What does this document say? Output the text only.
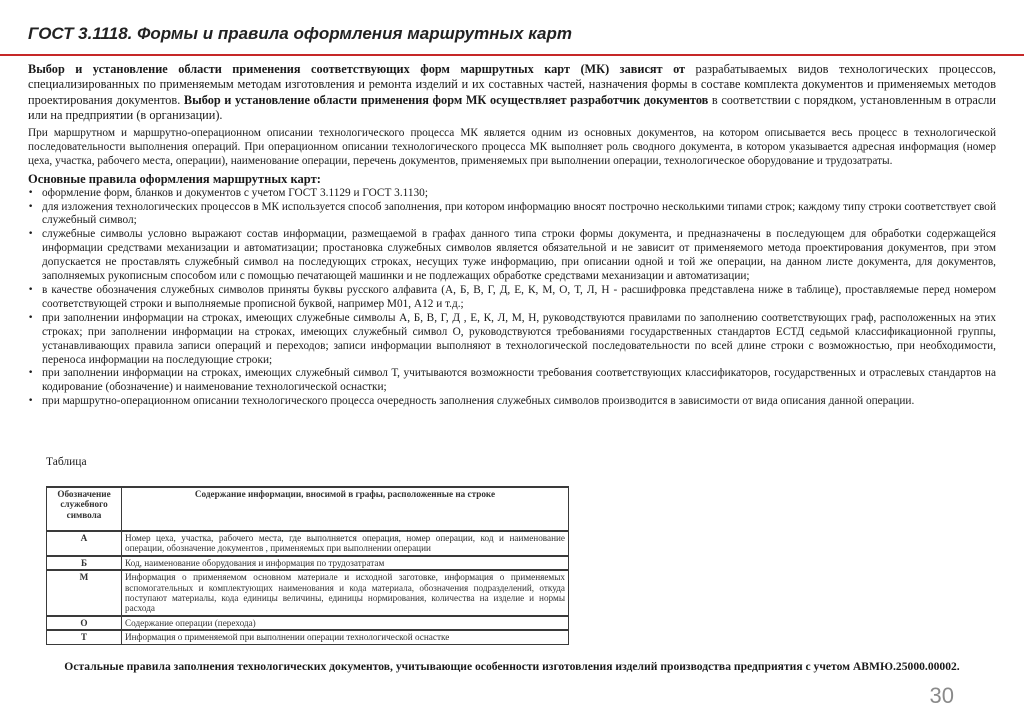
ГОСТ 3.1118. Формы и правила оформления маршрутных карт

Выбор и установление области применения соответствующих форм маршрутных карт (МК) зависят от разрабатываемых видов технологических процессов, специализированных по применяемым методам изготовления и ремонта изделий и их составных частей, назначения формы в составе комплекта документов и применяемых методов проектирования документов. Выбор и установление области применения форм МК осуществляет разработчик документов в соответствии с порядком, установленным в отрасли или на предприятии (в организации).

При маршрутном и маршрутно-операционном описании технологического процесса МК является одним из основных документов, на котором описывается весь процесс в технологической последовательности выполнения операций. При операционном описании технологического процесса МК выполняет роль сводного документа, в котором указывается адресная информация (номер цеха, участка, рабочего места, операции), наименование операции, перечень документов, применяемых при выполнении операции, технологическое оборудование и трудозатраты.

Основные правила оформления маршрутных карт:
• оформление форм, бланков и документов с учетом ГОСТ 3.1129 и ГОСТ 3.1130;
• для изложения технологических процессов в МК используется способ заполнения, при котором информацию вносят построчно несколькими типами строк; каждому типу строки соответствует свой служебный символ;
• служебные символы условно выражают состав информации, размещаемой в графах данного типа строки формы документа, и предназначены в последующем для обработки содержащейся информации средствами механизации и автоматизации; простановка служебных символов является обязательной и не зависит от применяемого метода проектирования документов, при этом допускается не проставлять служебный символ на последующих строках, несущих туже информацию, при описании одной и той же операции, на данном листе документа, для документов, заполняемых рукописным способом или с помощью печатающей машинки и не подлежащих обработке средствами механизации и автоматизации;
• в качестве обозначения служебных символов приняты буквы русского алфавита (А, Б, В, Г, Д, Е, К, М, О, Т, Л, Н - расшифровка представлена ниже в таблице), проставляемые перед номером соответствующей строки и выполняемые прописной буквой, например М01, А12 и т.д.;
• при заполнении информации на строках, имеющих служебные символы А, Б, В, Г, Д , Е, К, Л, М, Н, руководствуются правилами по заполнению соответствующих граф, расположенных на этих строках; при заполнении информации на строках, имеющих служебный символ О, руководствуются требованиями государственных стандартов ЕСТД седьмой классификационной группы, устанавливающих правила записи операций и переходов; записи информации выполняют в технологической последовательности по всей длине строки с возможностью, при необходимости, переноса информации на последующие строки;
• при заполнении информации на строках, имеющих служебный символ Т, учитываются возможности требования соответствующих классификаторов, государственных и отраслевых стандартов на кодирование (обозначение) и наименование технологической оснастки;
• при маршрутно-операционном описании технологического процесса очередность заполнения служебных символов производится в зависимости от вида описания данной операции.
Таблица
Обозначение служебного символа	Содержание информации, вносимой в графы, расположенные на строке
А	Номер цеха, участка, рабочего места, где выполняется операция, номер операции, код и наименование операции, обозначение документов , применяемых при выполнении операции
Б	Код, наименование оборудования и информация по трудозатратам
М	Информация о применяемом основном материале и исходной заготовке, информация о применяемых вспомогательных и комплектующих наименования и кода материала, обозначения подразделений, откуда поступают материалы, кода единицы величины, единицы нормирования, количества на изделие и нормы расхода
О	Содержание операции (перехода)
Т	Информация о применяемой при выполнении операции технологической оснастке
Остальные правила заполнения технологических документов, учитывающие особенности изготовления изделий производства предприятия с учетом АВМЮ.25000.00002.
30
